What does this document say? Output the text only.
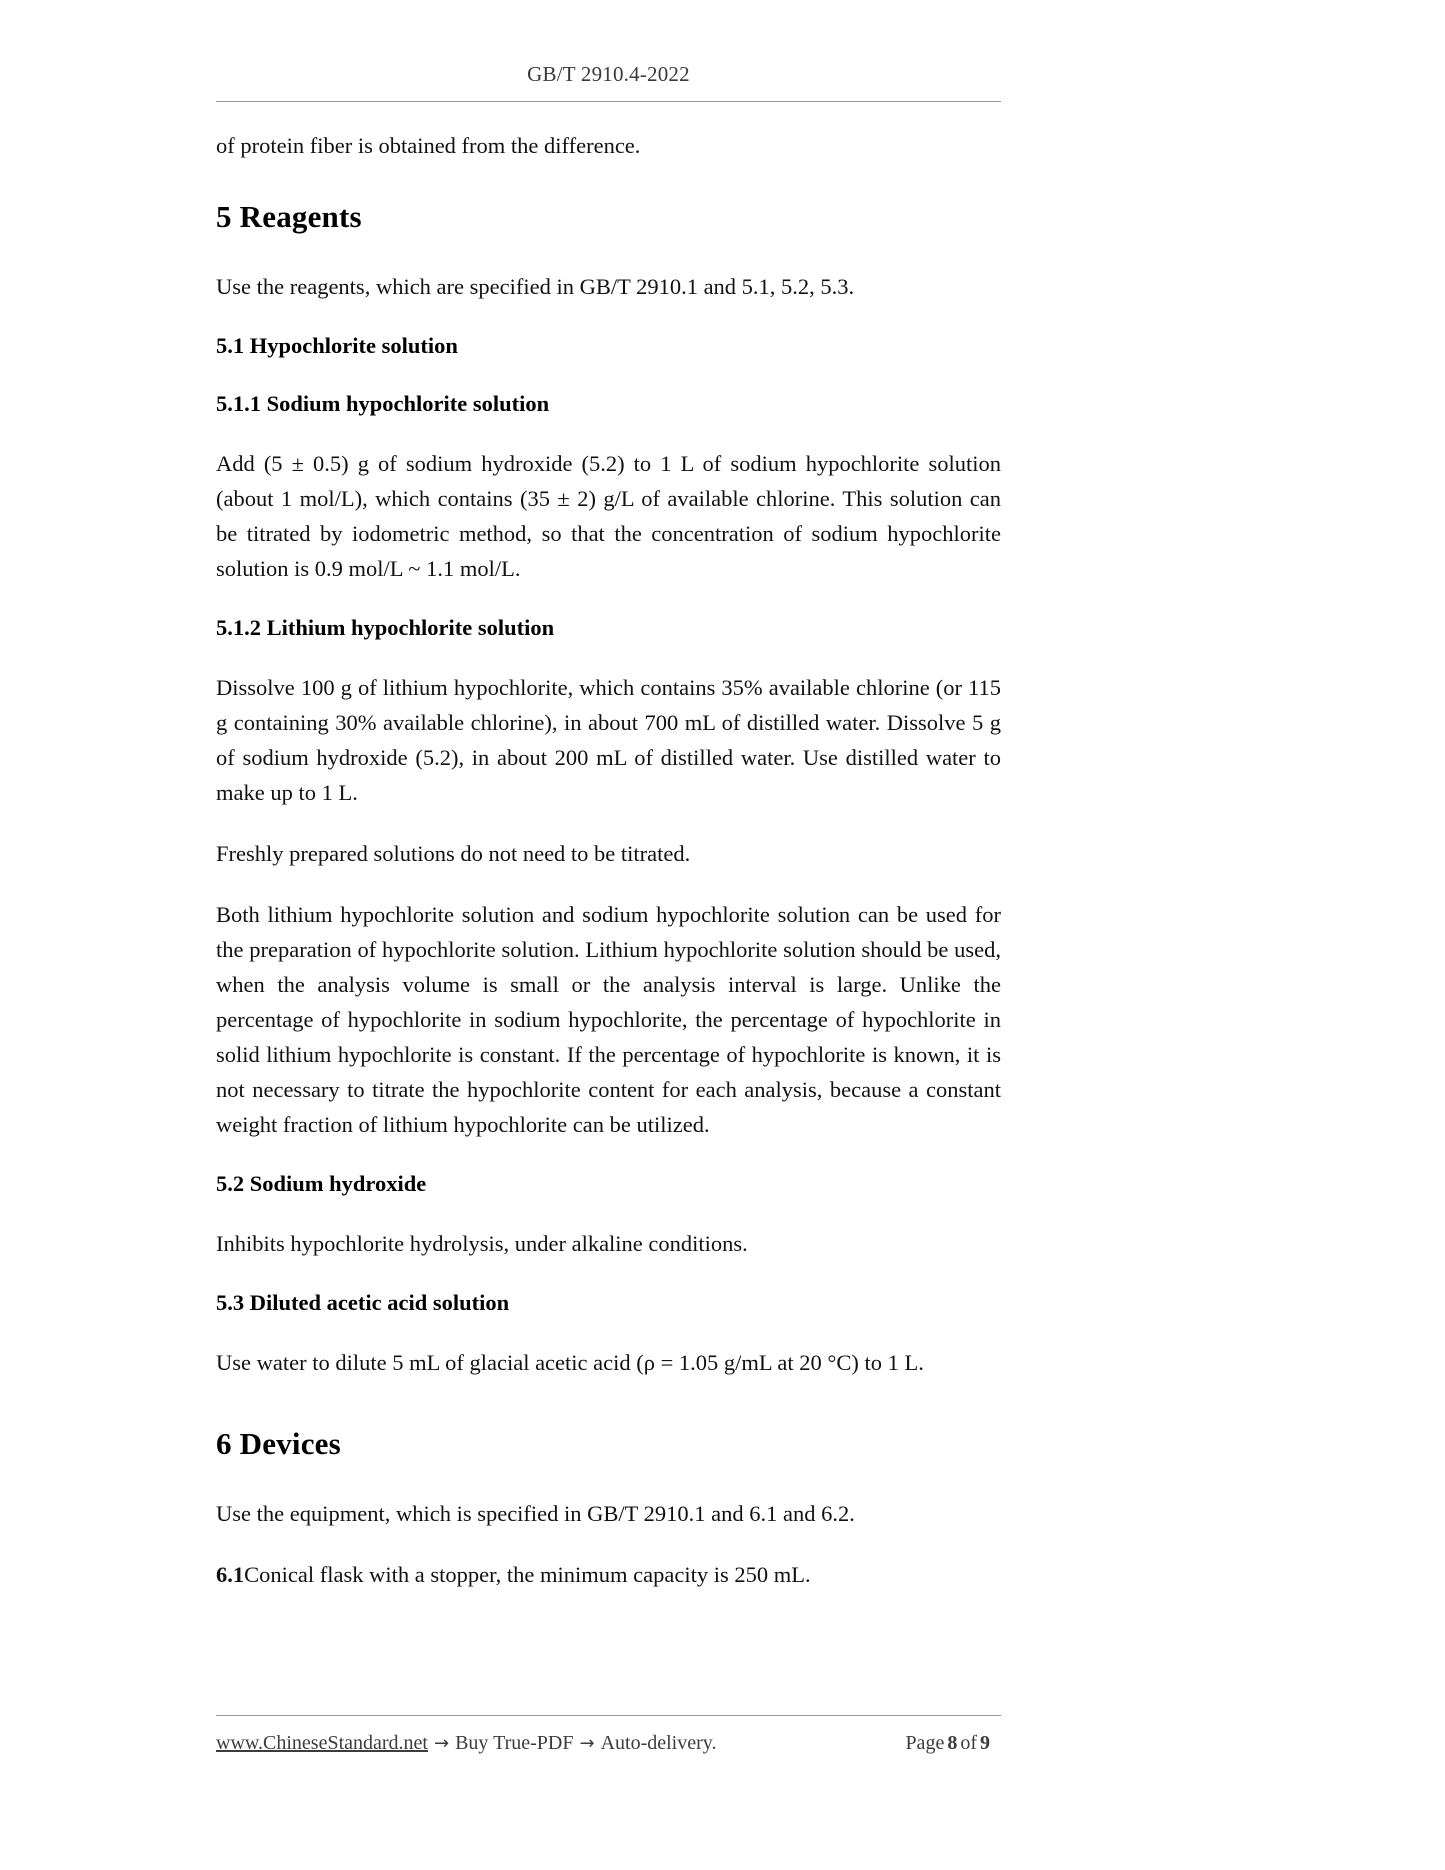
GB/T 2910.4-2022

of protein fiber is obtained from the difference.

5 Reagents

Use the reagents, which are specified in GB/T 2910.1 and 5.1, 5.2, 5.3.

5.1 Hypochlorite solution
5.1.1 Sodium hypochlorite solution

Add (5 ± 0.5) g of sodium hydroxide (5.2) to 1 L of sodium hypochlorite solution (about 1 mol/L), which contains (35 ± 2) g/L of available chlorine. This solution can be titrated by iodometric method, so that the concentration of sodium hypochlorite solution is 0.9 mol/L ~ 1.1 mol/L.

5.1.2 Lithium hypochlorite solution

Dissolve 100 g of lithium hypochlorite, which contains 35% available chlorine (or 115 g containing 30% available chlorine), in about 700 mL of distilled water. Dissolve 5 g of sodium hydroxide (5.2), in about 200 mL of distilled water. Use distilled water to make up to 1 L.

Freshly prepared solutions do not need to be titrated.

Both lithium hypochlorite solution and sodium hypochlorite solution can be used for the preparation of hypochlorite solution. Lithium hypochlorite solution should be used, when the analysis volume is small or the analysis interval is large. Unlike the percentage of hypochlorite in sodium hypochlorite, the percentage of hypochlorite in solid lithium hypochlorite is constant. If the percentage of hypochlorite is known, it is not necessary to titrate the hypochlorite content for each analysis, because a constant weight fraction of lithium hypochlorite can be utilized.

5.2 Sodium hydroxide

Inhibits hypochlorite hydrolysis, under alkaline conditions.

5.3 Diluted acetic acid solution

Use water to dilute 5 mL of glacial acetic acid (ρ = 1.05 g/mL at 20 °C) to 1 L.

6 Devices

Use the equipment, which is specified in GB/T 2910.1 and 6.1 and 6.2.

6.1Conical flask with a stopper, the minimum capacity is 250 mL.

www.ChineseStandard.net → Buy True-PDF → Auto-delivery.	Page 8 of 9
